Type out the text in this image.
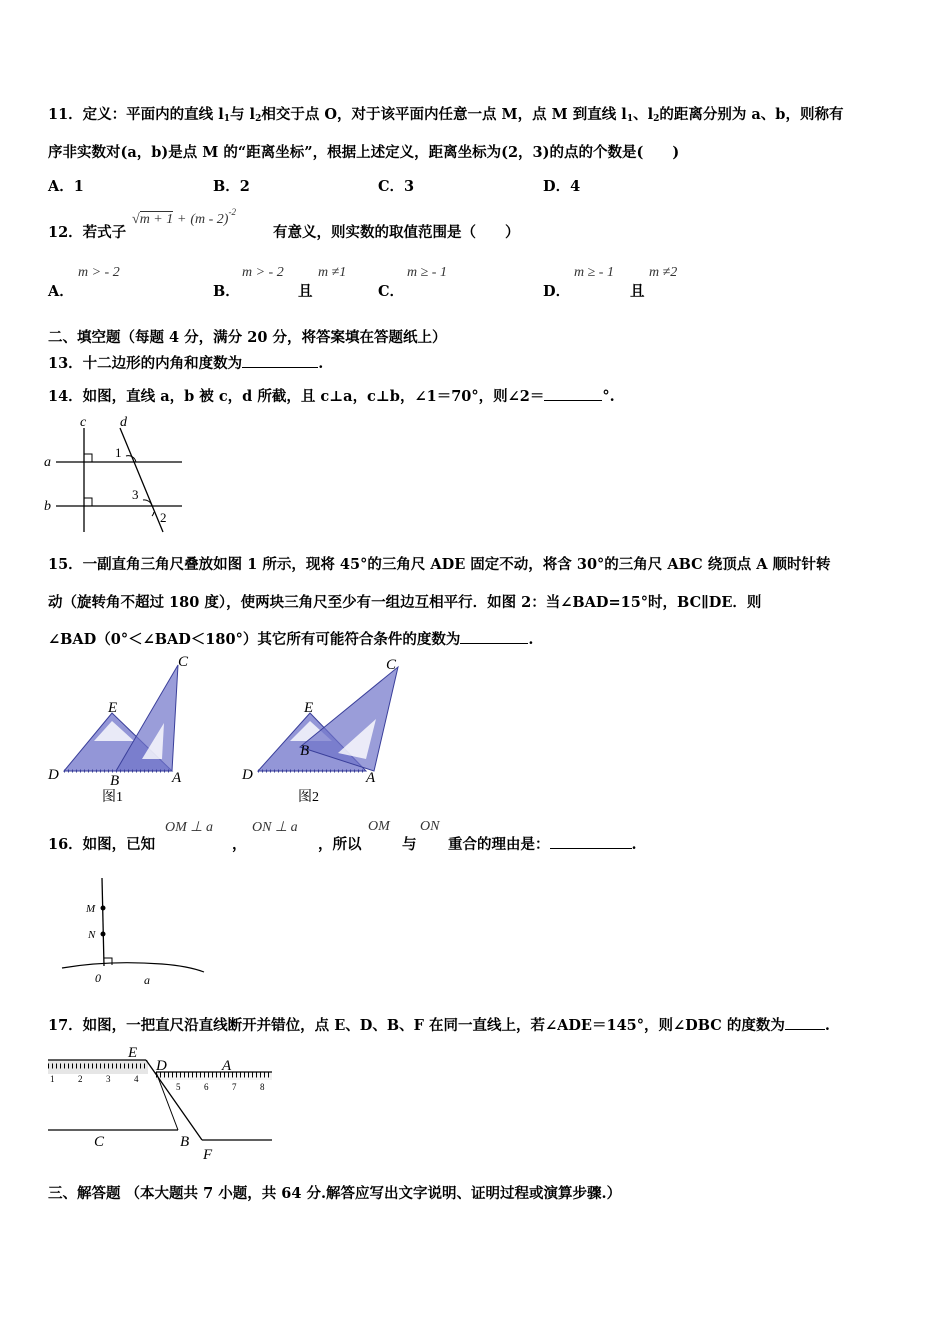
11．定义：平面内的直线 $l_1$与 $l_2$相交于点 O，对于该平面内任意一点 M，点 M 到直线 $l_1$、$l_2$的距离分别为 a、b，则称有
序非实数对(a，b)是点 M 的“距离坐标”，根据上述定义，距离坐标为(2，3)的点的个数是(　　)
A．1	B．2	C．3	D．4
12．若式子
√m + 1 + (m - 2)$^{-2}$
有意义，则实数的取值范围是（　　）
A．
m > - 2
B．
m > - 2
且
m ≠1
C．
m ≥ - 1
D．
m ≥ - 1
且
m ≠2
二、填空题（每题 4 分，满分 20 分，将答案填在答题纸上）
13．十二边形的内角和度数为	.
14．如图，直线 a，b 被 c，d 所截，且 c⊥a，c⊥b，∠1＝70°，则∠2＝	°.
c d
a
b
1
3
2
15．一副直角三角尺叠放如图 1 所示，现将 45°的三角尺 ADE 固定不动，将含 30°的三角尺 ABC 绕顶点 A 顺时针转
动（旋转角不超过 180 度），使两块三角尺至少有一组边互相平行．如图 2：当∠BAD=15°时，BC∥DE．则
∠BAD（0°＜∠BAD＜180°）其它所有可能符合条件的度数为	.
C
E
B
D	A
图1
C
E
B
D	A
图2
16．如图，已知
OM ⊥ a
，
ON ⊥ a
，所以
OM
与
ON
重合的理由是：	.
M
N
0	a
17．如图，一把直尺沿直线断开并错位，点 E、D、B、F 在同一直线上，若∠ADE＝145°，则∠DBC 的度数为	.
1	2	3	4
5	6	7	8
E
D	A
C	B
F
三、解答题 （本大题共 7 小题，共 64 分.解答应写出文字说明、证明过程或演算步骤.）
